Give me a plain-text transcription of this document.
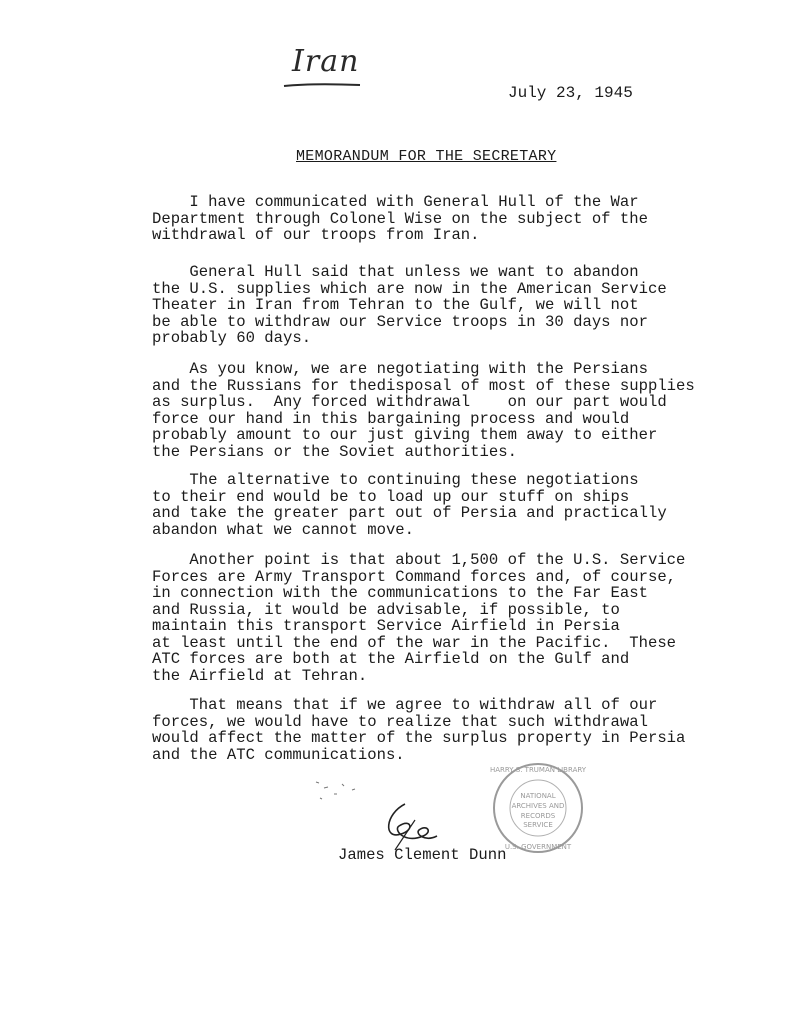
Iran
July 23, 1945
MEMORANDUM FOR THE SECRETARY

I have communicated with General Hull of the War
Department through Colonel Wise on the subject of the
withdrawal of our troops from Iran.

General Hull said that unless we want to abandon
the U.S. supplies which are now in the American Service
Theater in Iran from Tehran to the Gulf, we will not
be able to withdraw our Service troops in 30 days nor
probably 60 days.

As you know, we are negotiating with the Persians
and the Russians for thedisposal of most of these supplies
as surplus.  Any forced withdrawal    on our part would
force our hand in this bargaining process and would
probably amount to our just giving them away to either
the Persians or the Soviet authorities.

The alternative to continuing these negotiations
to their end would be to load up our stuff on ships
and take the greater part out of Persia and practically
abandon what we cannot move.

Another point is that about 1,500 of the U.S. Service
Forces are Army Transport Command forces and, of course,
in connection with the communications to the Far East
and Russia, it would be advisable, if possible, to
maintain this transport Service Airfield in Persia
at least until the end of the war in the Pacific.  These
ATC forces are both at the Airfield on the Gulf and
the Airfield at Tehran.

That means that if we agree to withdraw all of our
forces, we would have to realize that such withdrawal
would affect the matter of the surplus property in Persia
and the ATC communications.

James Clement Dunn
NATIONAL
ARCHIVES AND
RECORDS
SERVICE
HARRY S. TRUMAN LIBRARY
U.S. GOVERNMENT
